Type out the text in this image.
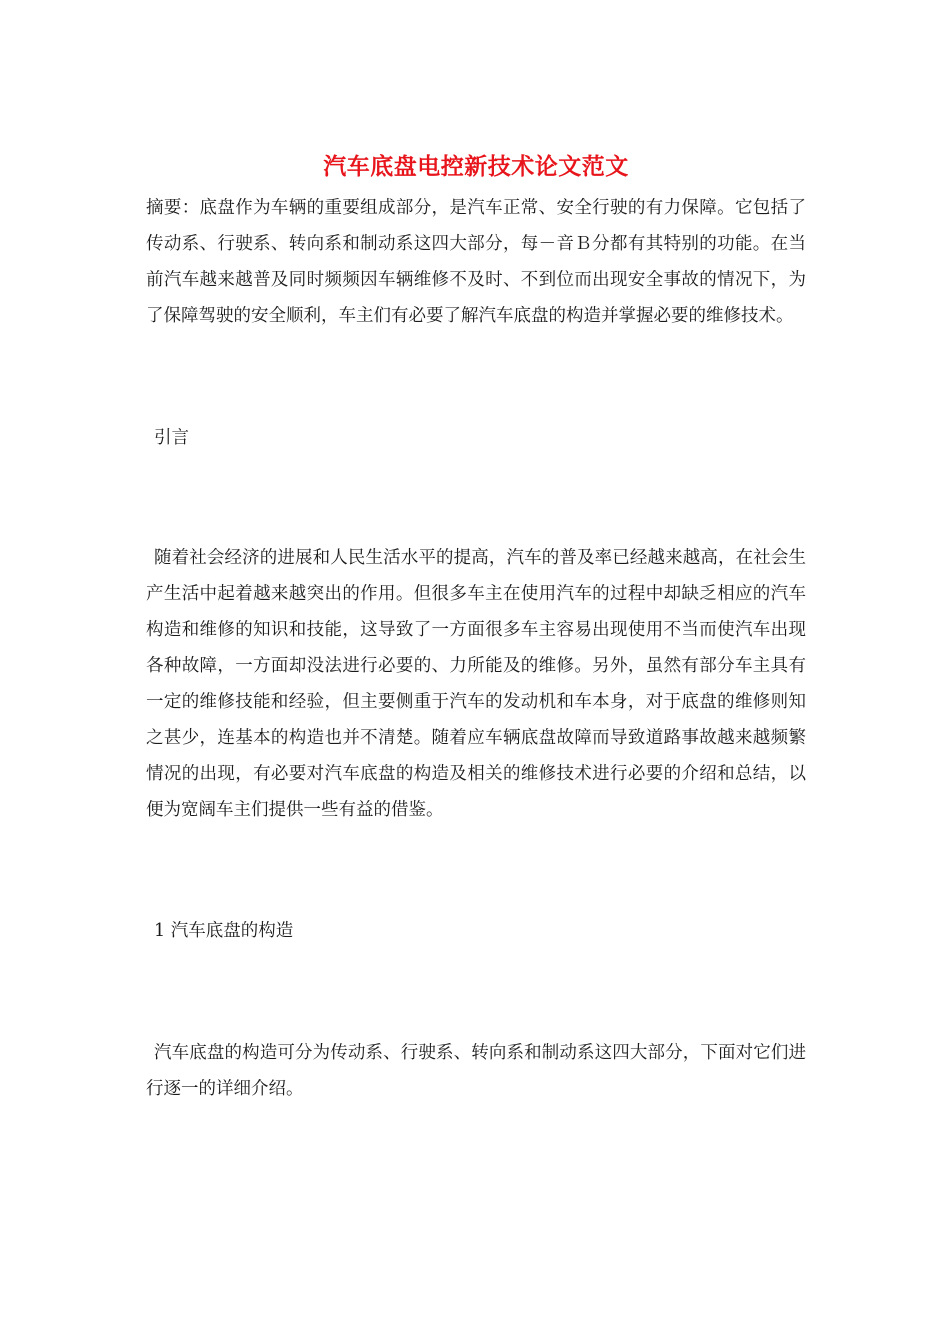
汽车底盘电控新技术论文范文

摘要：底盘作为车辆的重要组成部分，是汽车正常、安全行驶的有力保障。它包括了传动系、行驶系、转向系和制动系这四大部分，每－音Ｂ分都有其特别的功能。在当前汽车越来越普及同时频频因车辆维修不及时、不到位而出现安全事故的情况下，为了保障驾驶的安全顺利，车主们有必要了解汽车底盘的构造并掌握必要的维修技术。

引言

随着社会经济的进展和人民生活水平的提高，汽车的普及率已经越来越高，在社会生产生活中起着越来越突出的作用。但很多车主在使用汽车的过程中却缺乏相应的汽车构造和维修的知识和技能，这导致了一方面很多车主容易出现使用不当而使汽车出现各种故障，一方面却没法进行必要的、力所能及的维修。另外，虽然有部分车主具有一定的维修技能和经验，但主要侧重于汽车的发动机和车本身，对于底盘的维修则知之甚少，连基本的构造也并不清楚。随着应车辆底盘故障而导致道路事故越来越频繁情况的出现，有必要对汽车底盘的构造及相关的维修技术进行必要的介绍和总结，以便为宽阔车主们提供一些有益的借鉴。

1 汽车底盘的构造

汽车底盘的构造可分为传动系、行驶系、转向系和制动系这四大部分，下面对它们进行逐一的详细介绍。
